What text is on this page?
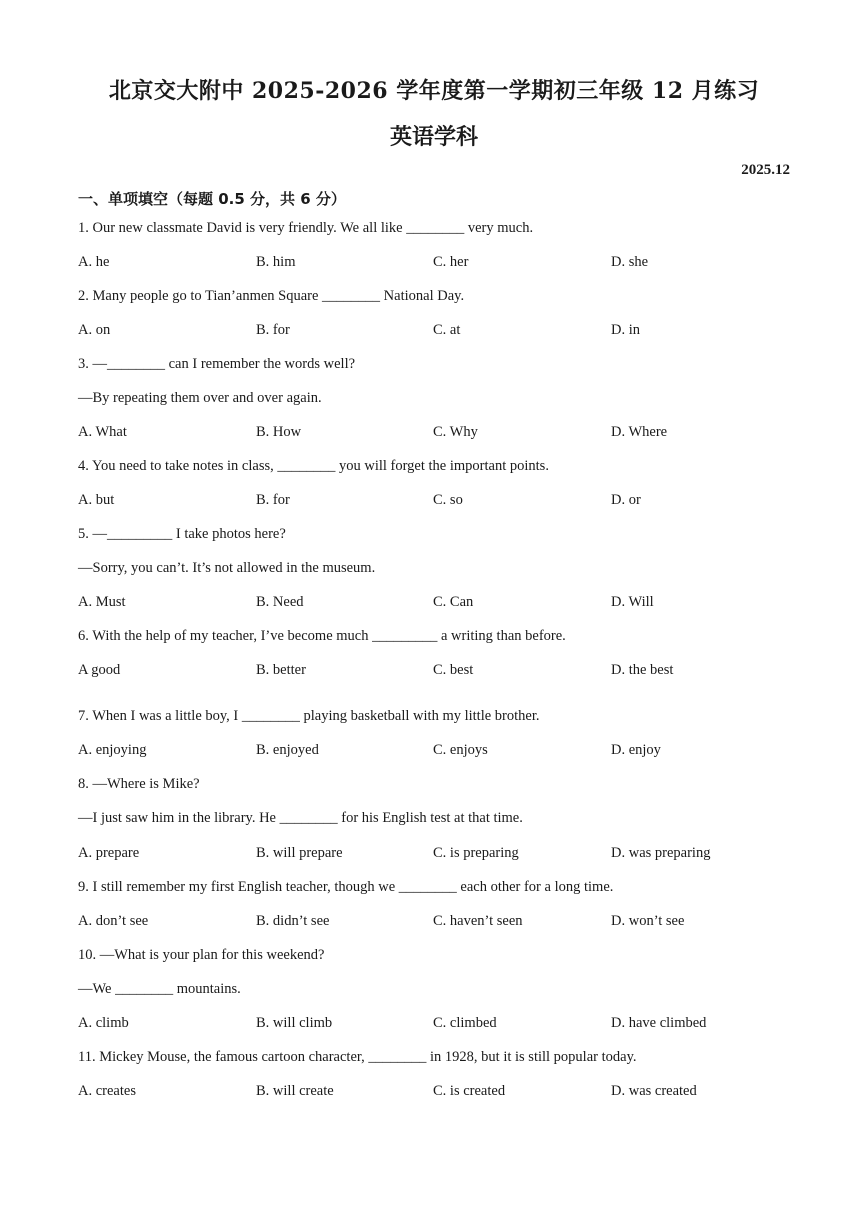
北京交大附中 2025-2026 学年度第一学期初三年级 12 月练习
英语学科
2025.12
一、单项填空（每题 0.5 分，共 6 分）
1. Our new classmate David is very friendly. We all like ________ very much.
A. he	B. him	C. her	D. she
2. Many people go to Tian’anmen Square ________ National Day.
A. on	B. for	C. at	D. in
3. —________ can I remember the words well?
—By repeating them over and over again.
A. What	B. How	C. Why	D. Where
4. You need to take notes in class, ________ you will forget the important points.
A. but	B. for	C. so	D. or
5. —_________ I take photos here?
—Sorry, you can’t. It’s not allowed in the museum.
A. Must	B. Need	C. Can	D. Will
6. With the help of my teacher, I’ve become much _________ a writing than before.
A good	B. better	C. best	D. the best
7. When I was a little boy, I ________ playing basketball with my little brother.
A. enjoying	B. enjoyed	C. enjoys	D. enjoy
8. —Where is Mike?
—I just saw him in the library. He ________ for his English test at that time.
A. prepare	B. will prepare	C. is preparing	D. was preparing
9. I still remember my first English teacher, though we ________ each other for a long time.
A. don’t see	B. didn’t see	C. haven’t seen	D. won’t see
10. —What is your plan for this weekend?
—We ________ mountains.
A. climb	B. will climb	C. climbed	D. have climbed
11. Mickey Mouse, the famous cartoon character, ________ in 1928, but it is still popular today.
A. creates	B. will create	C. is created	D. was created
